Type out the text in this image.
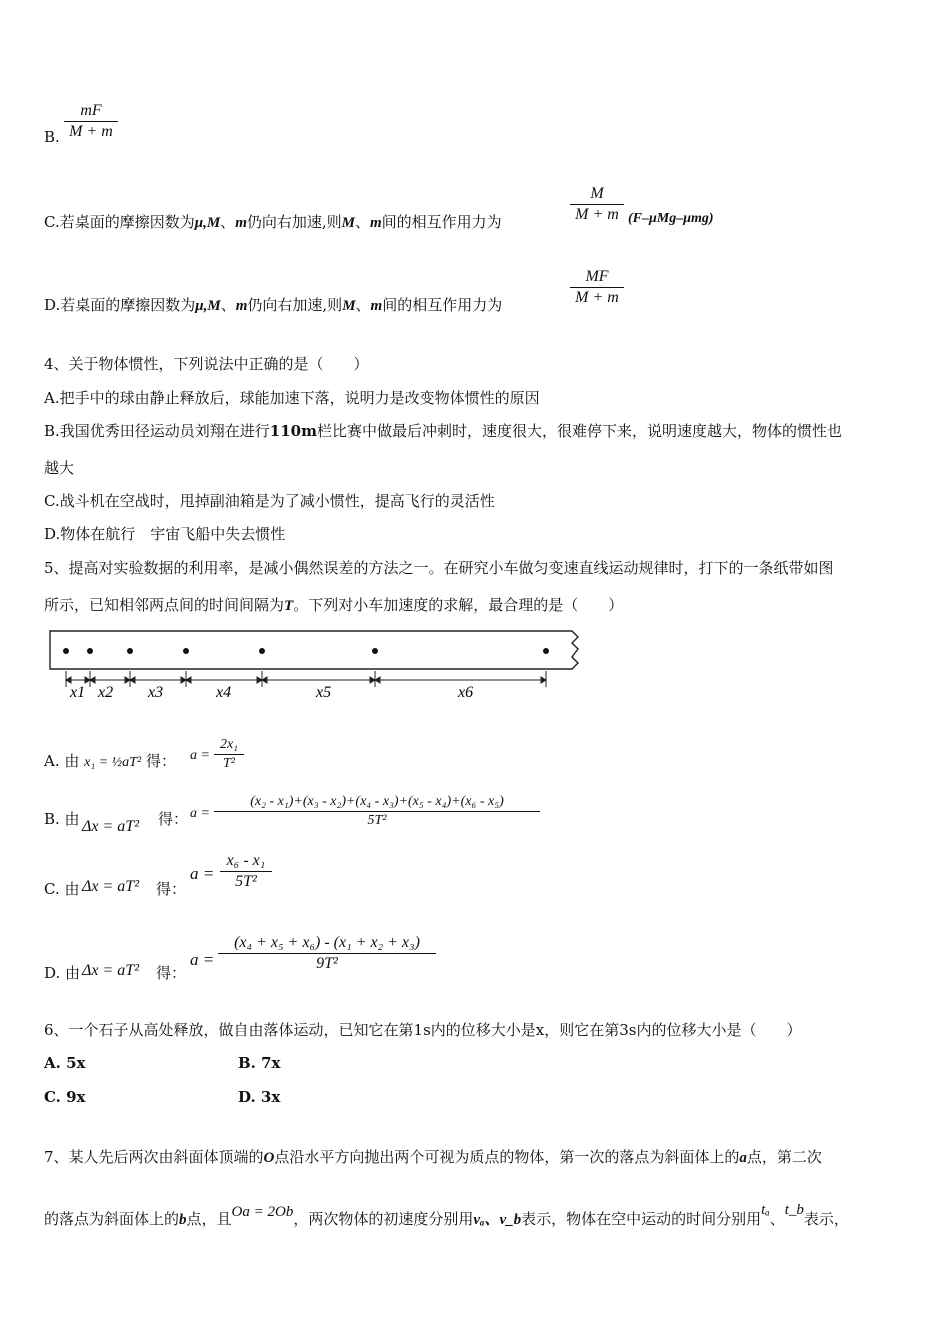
B.
mF
M + m
C.若桌面的摩擦因数为μ,M、m仍向右加速,则M、m间的相互作用力为
M
M + m (F–μMg–μmg)
D.若桌面的摩擦因数为μ,M、m仍向右加速,则M、m间的相互作用力为
MF
M + m
4、关于物体惯性，下列说法中正确的是（　　）
A.把手中的球由静止释放后，球能加速下落，说明力是改变物体惯性的原因
B.我国优秀田径运动员刘翔在进行110m栏比赛中做最后冲刺时，速度很大，很难停下来，说明速度越大，物体的惯性也
越大
C.战斗机在空战时，甩掉副油箱是为了减小惯性，提高飞行的灵活性
D.物体在航行　宇宙飞船中失去惯性
5、提高对实验数据的利用率，是减小偶然误差的方法之一。在研究小车做匀变速直线运动规律时，打下的一条纸带如图
所示，已知相邻两点间的时间间隔为T。下列对小车加速度的求解，最合理的是（　　）
x1 x2 x3	x4	x5	x6
A. 由 x₁ = ½aT² 得： a =
2x₁
T²
B. 由 Δx = aT² 得： a =
(x₂ - x₁)+(x₃ - x₂)+(x₄ - x₃)+(x₅ - x₄)+(x₆ - x₅)
5T²
C. 由 Δx = aT² 得：
a =
x₆ - x₁
5T²
D. 由 Δx = aT² 得：
a =
(x₄ + x₅ + x₆) - (x₁ + x₂ + x₃)
9T²
6、一个石子从高处释放，做自由落体运动，已知它在第1s内的位移大小是x，则它在第3s内的位移大小是（　　）
A. 5x	B. 7x
C. 9x	D. 3x
7、某人先后两次由斜面体顶端的O点沿水平方向抛出两个可视为质点的物体，第一次的落点为斜面体上的a点，第二次
的落点为斜面体上的b点，且Oa = 2Ob，两次物体的初速度分别用vₐ、v_b表示，物体在空中运动的时间分别用tₐ、t_b表示，
